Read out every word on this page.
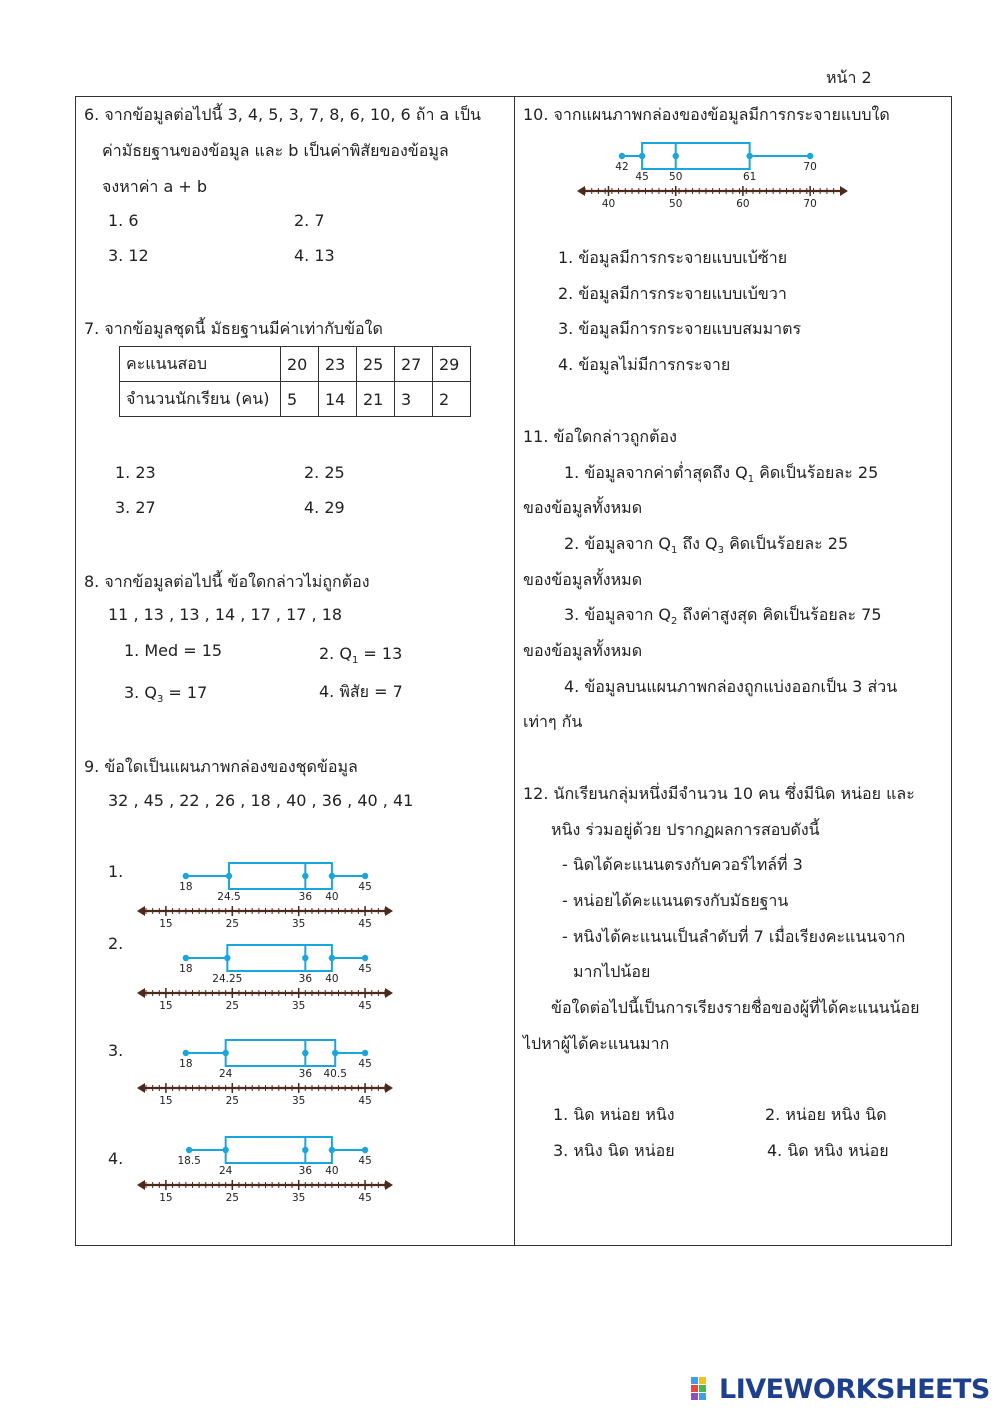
หน้า 2
6. จากข้อมูลต่อไปนี้ 3, 4, 5, 3, 7, 8, 6, 10, 6 ถ้า a เป็น
ค่ามัธยฐานของข้อมูล และ b เป็นค่าพิสัยของข้อมูล
จงหาค่า a + b
1. 6	2. 7
3. 12	4. 13
7. จากข้อมูลชุดนี้ มัธยฐานมีค่าเท่ากับข้อใด
คะแนนสอบ	20	23	25	27	29
จำนวนนักเรียน (คน)	5	14	21	3	2
1. 23	2. 25
3. 27	4. 29
8. จากข้อมูลต่อไปนี้ ข้อใดกล่าวไม่ถูกต้อง
11 , 13 , 13 , 14 , 17 , 17 , 18
1. Med = 15	2. $Q_1 = 13$
3. $Q_3 = 17$	4. พิสัย = 7
9. ข้อใดเป็นแผนภาพกล่องของชุดข้อมูล
32 , 45 , 22 , 26 , 18 , 40 , 36 , 40 , 41
1.
2.
3.
4.
18
24.5	36 40
45
15	25	35	45
18
24.25	36 40
45
15	25	35	45
18
24	36 40.5
45
15	25	35	45
18.5
24	36 40
45
15	25	35	45
10. จากแผนภาพกล่องของข้อมูลมีการกระจายแบบใด
42
45 50	61
70
40	50	60	70
1. ข้อมูลมีการกระจายแบบเบ้ซ้าย
2. ข้อมูลมีการกระจายแบบเบ้ขวา
3. ข้อมูลมีการกระจายแบบสมมาตร
4. ข้อมูลไม่มีการกระจาย
11. ข้อใดกล่าวถูกต้อง
1. ข้อมูลจากค่าต่ำสุดถึง $Q_1$ คิดเป็นร้อยละ 25
ของข้อมูลทั้งหมด
2. ข้อมูลจาก $Q_1$ ถึง $Q_3$ คิดเป็นร้อยละ 25
ของข้อมูลทั้งหมด
3. ข้อมูลจาก $Q_2$ ถึงค่าสูงสุด คิดเป็นร้อยละ 75
ของข้อมูลทั้งหมด
4. ข้อมูลบนแผนภาพกล่องถูกแบ่งออกเป็น 3 ส่วน
เท่าๆ กัน
12. นักเรียนกลุ่มหนึ่งมีจำนวน 10 คน ซึ่งมีนิด หน่อย และ
หนิง ร่วมอยู่ด้วย ปรากฏผลการสอบดังนี้
- นิดได้คะแนนตรงกับควอร์ไทล์ที่ 3
- หน่อยได้คะแนนตรงกับมัธยฐาน
- หนิงได้คะแนนเป็นลำดับที่ 7 เมื่อเรียงคะแนนจาก
มากไปน้อย
ข้อใดต่อไปนี้เป็นการเรียงรายชื่อของผู้ที่ได้คะแนนน้อย
ไปหาผู้ได้คะแนนมาก
1. นิด หน่อย หนิง	2. หน่อย หนิง นิด
3. หนิง นิด หน่อย	4. นิด หนิง หน่อย
LIVEWORKSHEETS
